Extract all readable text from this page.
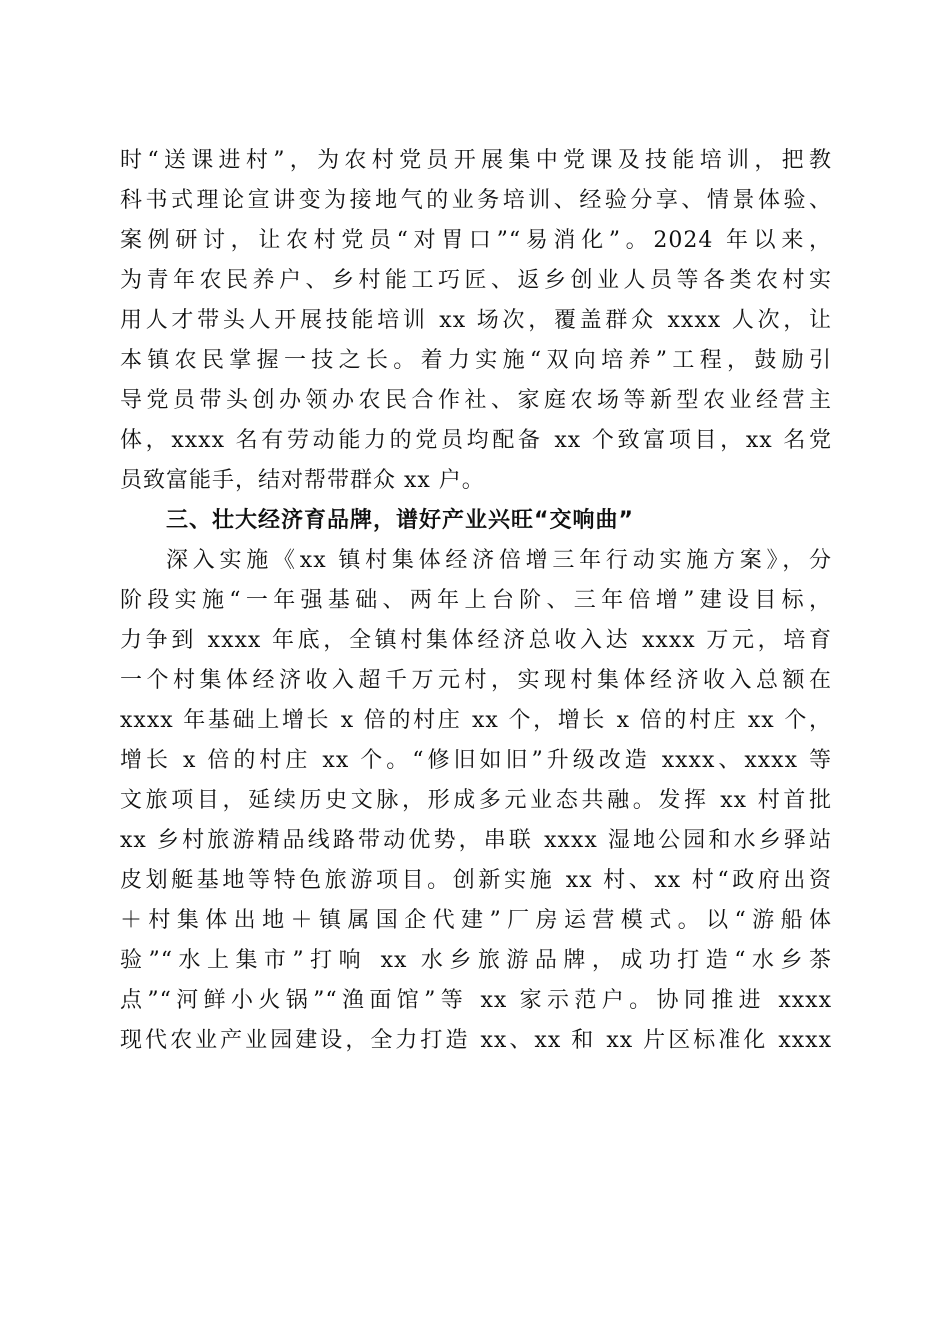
时“送课进村”，为农村党员开展集中党课及技能培训，把教
科书式理论宣讲变为接地气的业务培训、经验分享、情景体验、
案例研讨，让农村党员“对胃口”“易消化”。2024 年以来，
为青年农民养户、乡村能工巧匠、返乡创业人员等各类农村实
用人才带头人开展技能培训 xx 场次，覆盖群众 xxxx 人次，让
本镇农民掌握一技之长。着力实施“双向培养”工程，鼓励引
导党员带头创办领办农民合作社、家庭农场等新型农业经营主
体，xxxx 名有劳动能力的党员均配备 xx 个致富项目，xx 名党
员致富能手，结对帮带群众 xx 户。
三、壮大经济育品牌，谱好产业兴旺“交响曲”
深入实施《xx 镇村集体经济倍增三年行动实施方案》，分
阶段实施“一年强基础、两年上台阶、三年倍增”建设目标，
力争到 xxxx 年底，全镇村集体经济总收入达 xxxx 万元，培育
一个村集体经济收入超千万元村，实现村集体经济收入总额在
xxxx 年基础上增长 x 倍的村庄 xx 个，增长 x 倍的村庄 xx 个，
增长 x 倍的村庄 xx 个。“修旧如旧”升级改造 xxxx、xxxx 等
文旅项目，延续历史文脉，形成多元业态共融。发挥 xx 村首批
xx 乡村旅游精品线路带动优势，串联 xxxx 湿地公园和水乡驿站
皮划艇基地等特色旅游项目。创新实施 xx 村、xx 村“政府出资
＋村集体出地＋镇属国企代建”厂房运营模式。以“游船体
验”“水上集市”打响 xx 水乡旅游品牌，成功打造“水乡茶
点”“河鲜小火锅”“渔面馆”等 xx 家示范户。协同推进 xxxx
现代农业产业园建设，全力打造 xx、xx 和 xx 片区标准化 xxxx
